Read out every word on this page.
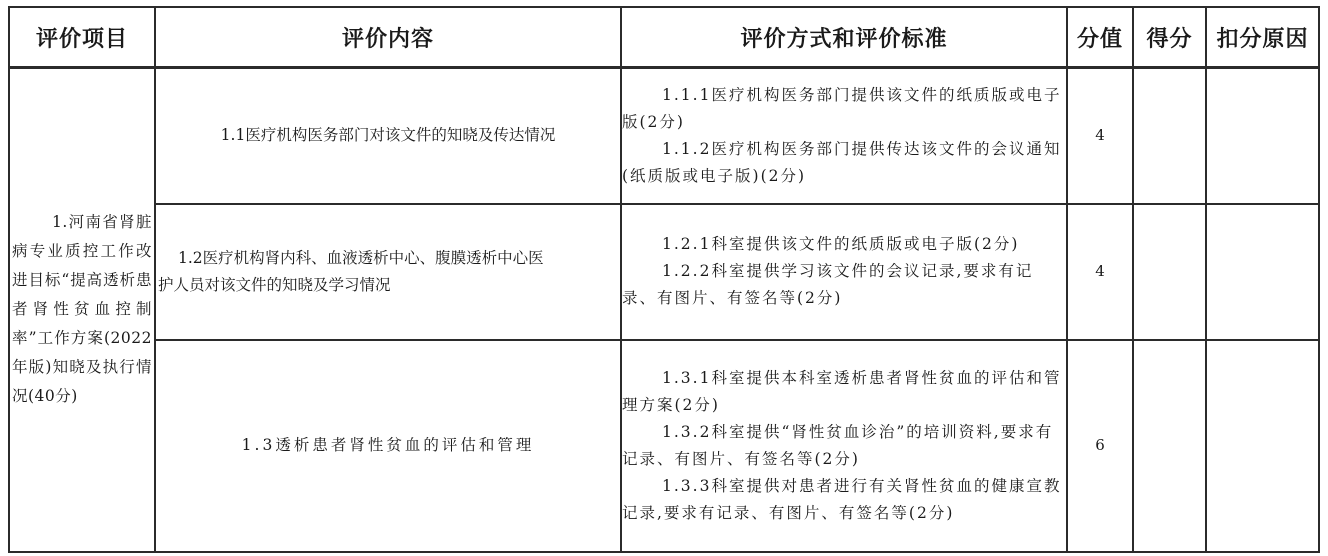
评价项目	评价内容	评价方式和评价标准	分值	得分	扣分原因
1.河南省肾脏病专业质控工作改进目标“提高透析患者肾性贫血控制率”工作方案(2022年版)知晓及执行情况(40分)	1.1医疗机构医务部门对该文件的知晓及传达情况	1.1.1医疗机构医务部门提供该文件的纸质版或电子版(2分)
1.1.2医疗机构医务部门提供传达该文件的会议通知(纸质版或电子版)(2分)	4		

	1.2医疗机构肾内科、血液透析中心、腹膜透析中心医
护人员对该文件的知晓及学习情况	1.2.1科室提供该文件的纸质版或电子版(2分)
1.2.2科室提供学习该文件的会议记录,要求有记录、有图片、有签名等(2分)	4		
	1.3透析患者肾性贫血的评估和管理	1.3.1科室提供本科室透析患者肾性贫血的评估和管理方案(2分)
1.3.2科室提供“肾性贫血诊治”的培训资料,要求有记录、有图片、有签名等(2分)
1.3.3科室提供对患者进行有关肾性贫血的健康宣教记录,要求有记录、有图片、有签名等(2分)	6		
